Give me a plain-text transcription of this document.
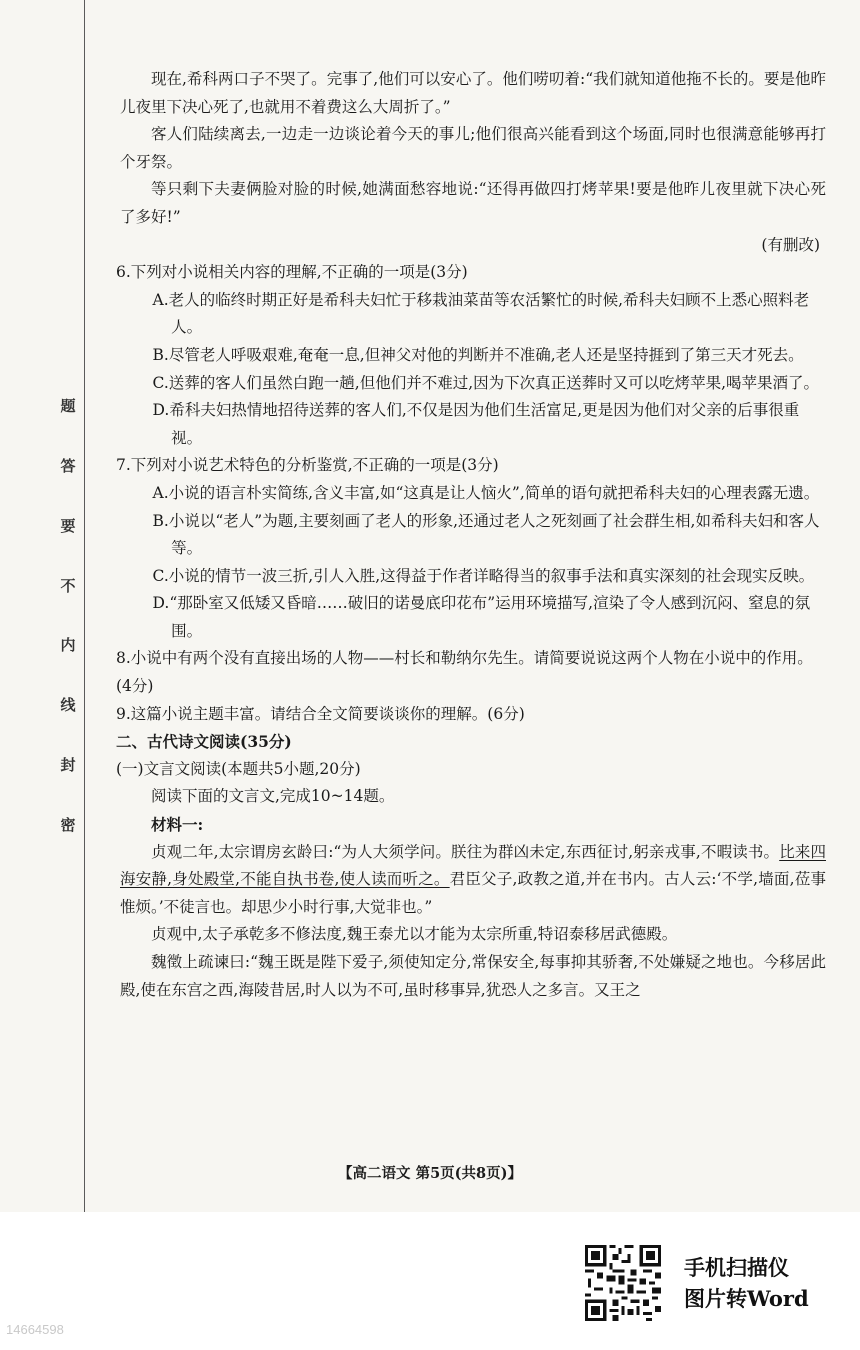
题
答
要
不
内
线
封
密

现在,希科两口子不哭了。完事了,他们可以安心了。他们唠叨着:“我们就知道他拖不长的。要是他昨儿夜里下决心死了,也就用不着费这么大周折了。”

客人们陆续离去,一边走一边谈论着今天的事儿;他们很高兴能看到这个场面,同时也很满意能够再打个牙祭。

等只剩下夫妻俩脸对脸的时候,她满面愁容地说:“还得再做四打烤苹果!要是他昨儿夜里就下决心死了多好!”

(有删改)

6.下列对小说相关内容的理解,不正确的一项是(3分)

A.老人的临终时期正好是希科夫妇忙于移栽油菜苗等农活繁忙的时候,希科夫妇顾不上悉心照料老人。

B.尽管老人呼吸艰难,奄奄一息,但神父对他的判断并不准确,老人还是坚持捱到了第三天才死去。

C.送葬的客人们虽然白跑一趟,但他们并不难过,因为下次真正送葬时又可以吃烤苹果,喝苹果酒了。

D.希科夫妇热情地招待送葬的客人们,不仅是因为他们生活富足,更是因为他们对父亲的后事很重视。

7.下列对小说艺术特色的分析鉴赏,不正确的一项是(3分)

A.小说的语言朴实简练,含义丰富,如“这真是让人恼火”,简单的语句就把希科夫妇的心理表露无遗。

B.小说以“老人”为题,主要刻画了老人的形象,还通过老人之死刻画了社会群生相,如希科夫妇和客人等。

C.小说的情节一波三折,引人入胜,这得益于作者详略得当的叙事手法和真实深刻的社会现实反映。

D.“那卧室又低矮又昏暗……破旧的诺曼底印花布”运用环境描写,渲染了令人感到沉闷、窒息的氛围。

8.小说中有两个没有直接出场的人物——村长和勒纳尔先生。请简要说说这两个人物在小说中的作用。(4分)

9.这篇小说主题丰富。请结合全文简要谈谈你的理解。(6分)

二、古代诗文阅读(35分)

(一)文言文阅读(本题共5小题,20分)

阅读下面的文言文,完成10~14题。

材料一:

贞观二年,太宗谓房玄龄曰:“为人大须学问。朕往为群凶未定,东西征讨,躬亲戎事,不暇读书。比来四海安静,身处殿堂,不能自执书卷,使人读而听之。君臣父子,政教之道,并在书内。古人云:‘不学,墙面,莅事惟烦。’不徒言也。却思少小时行事,大觉非也。”

贞观中,太子承乾多不修法度,魏王泰尤以才能为太宗所重,特诏泰移居武德殿。

魏徵上疏谏曰:“魏王既是陛下爱子,须使知定分,常保安全,每事抑其骄奢,不处嫌疑之地也。今移居此殿,使在东宫之西,海陵昔居,时人以为不可,虽时移事异,犹恐人之多言。又王之

【高二语文 第5页(共8页)】
手机扫描仪
图片转Word
14664598
